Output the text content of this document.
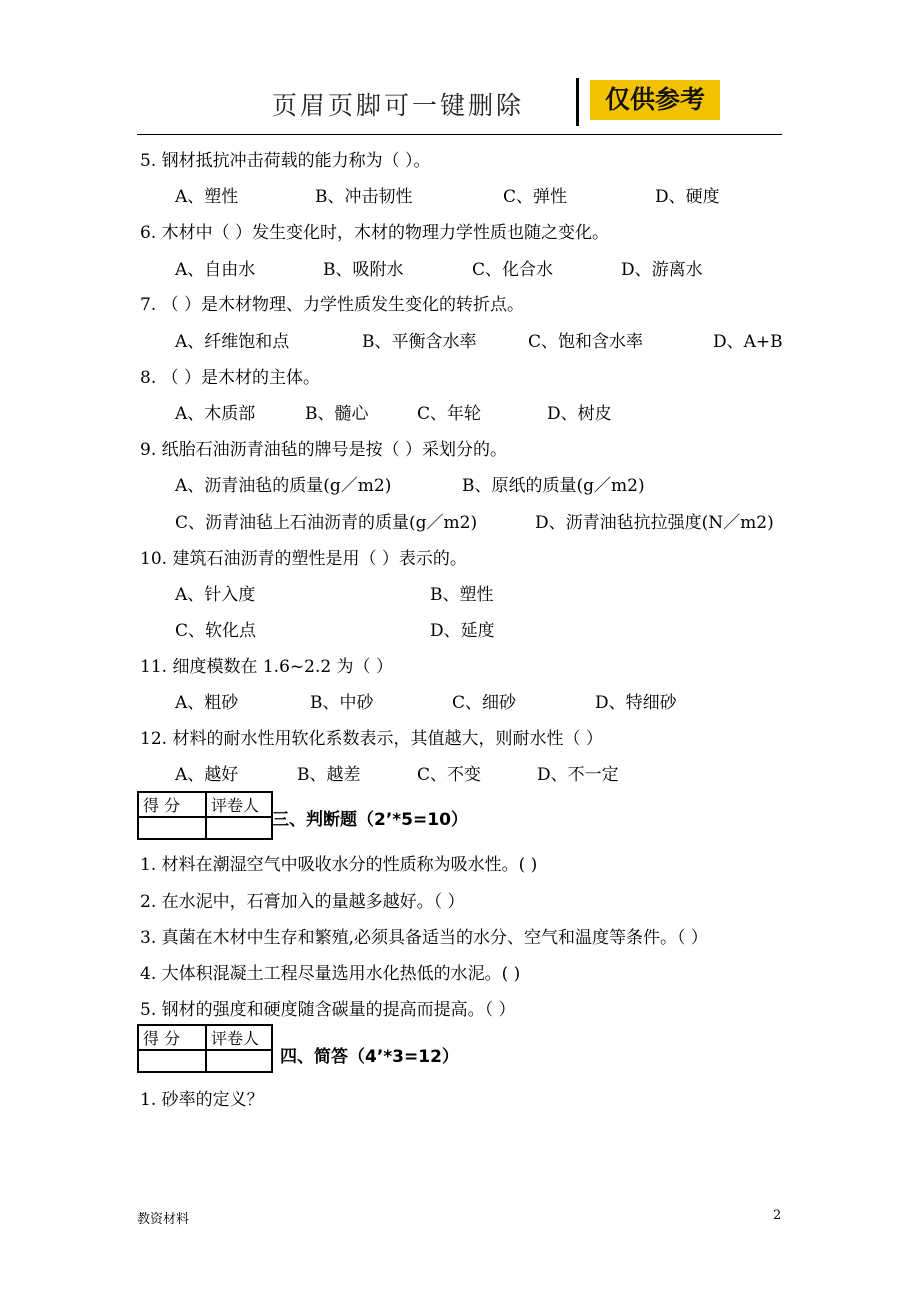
页眉页脚可一键删除	仅供参考
5. 钢材抵抗冲击荷载的能力称为（ ）。
A、塑性	B、冲击韧性	C、弹性	D、硬度
6. 木材中（ ）发生变化时，木材的物理力学性质也随之变化。
A、自由水	B、吸附水	C、化合水	D、游离水
7. （ ）是木材物理、力学性质发生变化的转折点。
A、纤维饱和点	B、平衡含水率	C、饱和含水率	D、A+B
8. （ ）是木材的主体。
A、木质部	B、髓心	C、年轮	D、树皮
9. 纸胎石油沥青油毡的牌号是按（ ）采划分的。
A、沥青油毡的质量(g／m2)	B、原纸的质量(g／m2)
C、沥青油毡上石油沥青的质量(g／m2)	D、沥青油毡抗拉强度(N／m2)
10. 建筑石油沥青的塑性是用（ ）表示的。
A、针入度	B、塑性
C、软化点	D、延度
11. 细度模数在 1.6~2.2 为（ ）
A、粗砂	B、中砂	C、细砂	D、特细砂
12. 材料的耐水性用软化系数表示，其值越大，则耐水性（ ）
A、越好	B、越差	C、不变	D、不一定
得 分	评卷人

三、判断题（2’*5=10）
1. 材料在潮湿空气中吸收水分的性质称为吸水性。( )
2. 在水泥中，石膏加入的量越多越好。（ ）
3. 真菌在木材中生存和繁殖,必须具备适当的水分、空气和温度等条件。（ ）
4. 大体积混凝土工程尽量选用水化热低的水泥。( )
5. 钢材的强度和硬度随含碳量的提高而提高。（ ）
得 分	评卷人

四、简答（4’*3=12）
1. 砂率的定义？
教资材料	2
